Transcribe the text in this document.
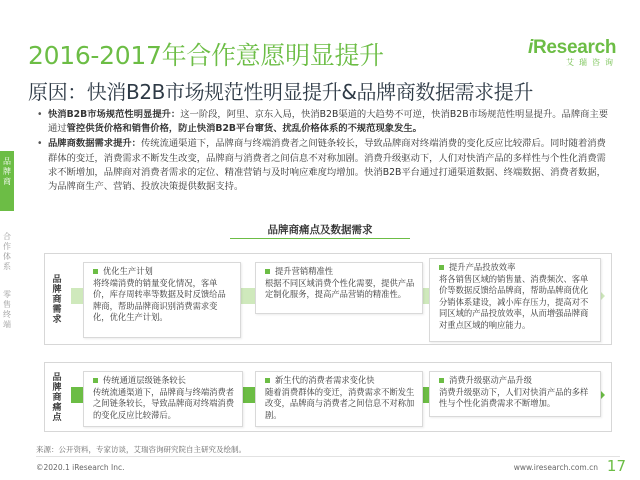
2016-2017年合作意愿明显提升
原因：快消B2B市场规范性明显提升&品牌商数据需求提升
iResearch
艾瑞咨询
品牌商
合作体系
零售终端
• 快消B2B市场规范性明显提升：这一阶段，阿里、京东入局，快消B2B渠道的大趋势不可逆，快消B2B市场规范性明显提升。品牌商主要通过管控供货价格和销售价格，防止快消B2B平台窜货、扰乱价格体系的不规范现象发生。
• 品牌商数据需求提升：传统流通渠道下，品牌商与终端消费者之间链条较长，导致品牌商对终端消费的变化反应比较滞后。同时随着消费群体的变迁，消费需求不断发生改变，品牌商与消费者之间信息不对称加剧。消费升级驱动下，人们对快消产品的多样性与个性化消费需求不断增加，品牌商对消费者需求的定位、精准营销与及时响应难度均增加。快消B2B平台通过打通渠道数据、终端数据、消费者数据，为品牌商生产、营销、投放决策提供数据支持。
品牌商痛点及数据需求
品牌商需求
优化生产计划
将终端消费的销量变化情况，客单价，库存周转率等数据及时反馈给品牌商，帮助品牌商识别消费需求变化，优化生产计划。
提升营销精准性
根据不同区域消费个性化需要，提供产品定制化服务，提高产品营销的精准性。
提升产品投放效率
将各销售区域的销售量、消费频次、客单价等数据反馈给品牌商，帮助品牌商优化分销体系建设，减小库存压力，提高对不同区域的产品投放效率，从而增强品牌商对重点区域的响应能力。
品牌商痛点	传统通道层级链条较长
传统流通渠道下，品牌商与终端消费者之间链条较长，导致品牌商对终端消费的变化反应比较滞后。
新生代的消费者需求变化快
随着消费群体的变迁，消费需求不断发生改变，品牌商与消费者之间信息不对称加剧。
消费升级驱动产品升级
消费升级驱动下，人们对快消产品的多样性与个性化消费需求不断增加。
来源：公开资料，专家访谈，艾瑞咨询研究院自主研究及绘制。
©2020.1 iResearch Inc.	www.iresearch.com.cn 17
